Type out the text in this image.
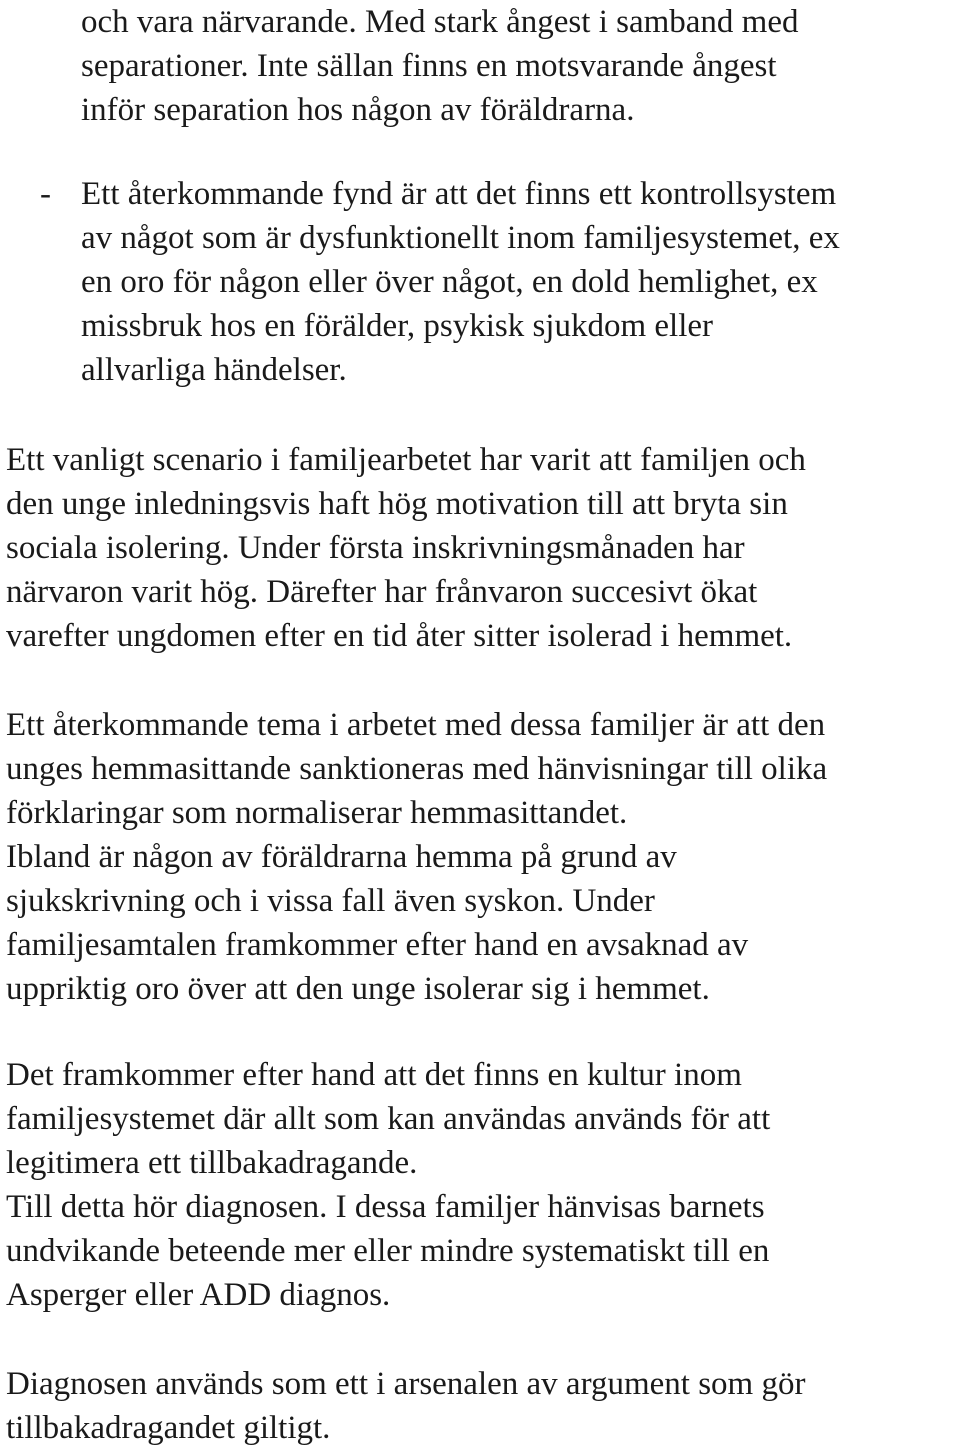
och vara närvarande. Med stark ångest i samband med
separationer. Inte sällan finns en motsvarande ångest
inför separation hos någon av föräldrarna.
- Ett återkommande fynd är att det finns ett kontrollsystem
av något som är dysfunktionellt inom familjesystemet, ex
en oro för någon eller över något, en dold hemlighet, ex
missbruk hos en förälder, psykisk sjukdom eller
allvarliga händelser.
Ett vanligt scenario i familjearbetet har varit att familjen och
den unge inledningsvis haft hög motivation till att bryta sin
sociala isolering. Under första inskrivningsmånaden har
närvaron varit hög. Därefter har frånvaron succesivt ökat
varefter ungdomen efter en tid åter sitter isolerad i hemmet.
Ett återkommande tema i arbetet med dessa familjer är att den
unges hemmasittande sanktioneras med hänvisningar till olika
förklaringar som normaliserar hemmasittandet.
Ibland är någon av föräldrarna hemma på grund av
sjukskrivning och i vissa fall även syskon. Under
familjesamtalen framkommer efter hand en avsaknad av
uppriktig oro över att den unge isolerar sig i hemmet.
Det framkommer efter hand att det finns en kultur inom
familjesystemet där allt som kan användas används för att
legitimera ett tillbakadragande.
Till detta hör diagnosen. I dessa familjer hänvisas barnets
undvikande beteende mer eller mindre systematiskt till en
Asperger eller ADD diagnos.
Diagnosen används som ett i arsenalen av argument som gör
tillbakadragandet giltigt.
